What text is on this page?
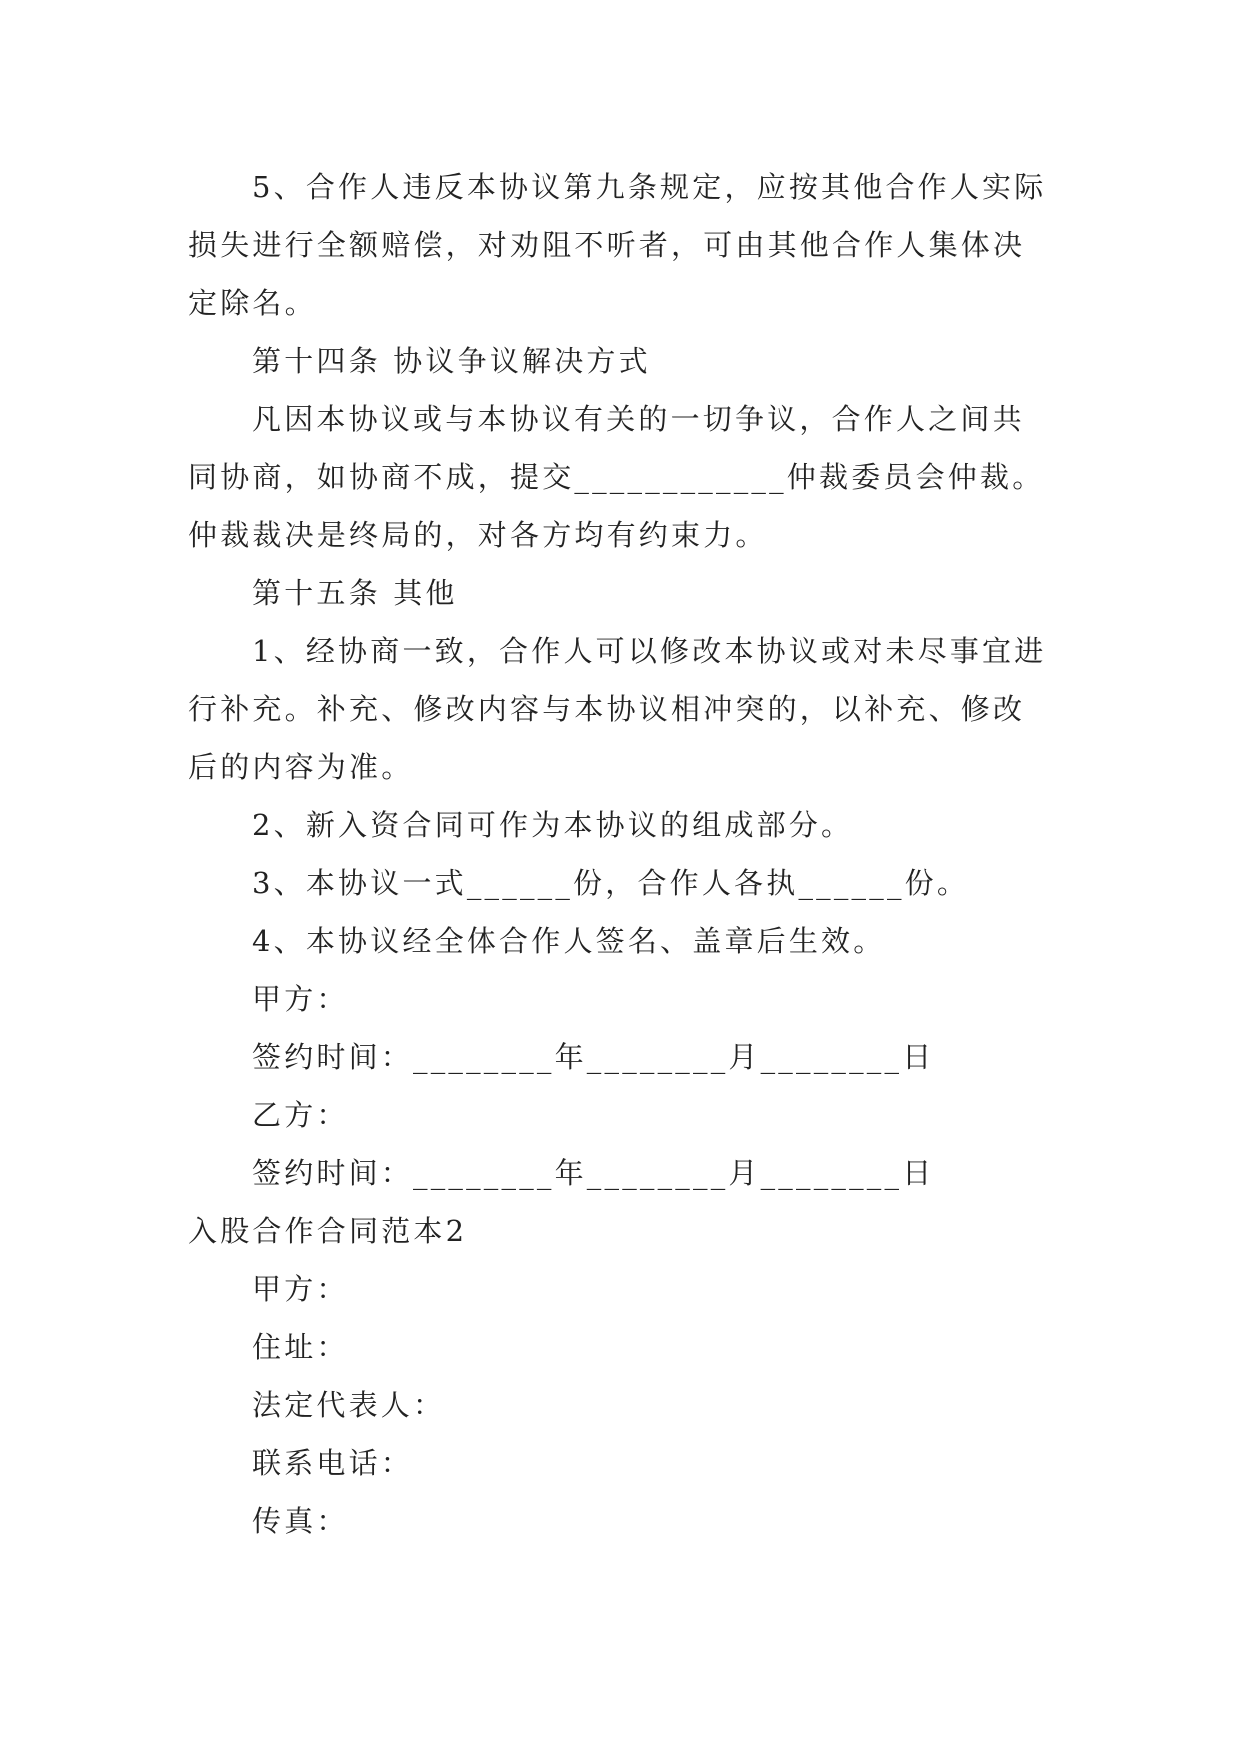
5、合作人违反本协议第九条规定，应按其他合作人实际损失进行全额赔偿，对劝阻不听者，可由其他合作人集体决定除名。

第十四条 协议争议解决方式

凡因本协议或与本协议有关的一切争议，合作人之间共同协商，如协商不成，提交____________仲裁委员会仲裁。仲裁裁决是终局的，对各方均有约束力。

第十五条 其他

1、经协商一致，合作人可以修改本协议或对未尽事宜进行补充。补充、修改内容与本协议相冲突的，以补充、修改后的内容为准。

2、新入资合同可作为本协议的组成部分。

3、本协议一式______份，合作人各执______份。

4、本协议经全体合作人签名、盖章后生效。

甲方：

签约时间：________年________月________日

乙方：

签约时间：________年________月________日

入股合作合同范本2

甲方：

住址：

法定代表人：

联系电话：

传真：
